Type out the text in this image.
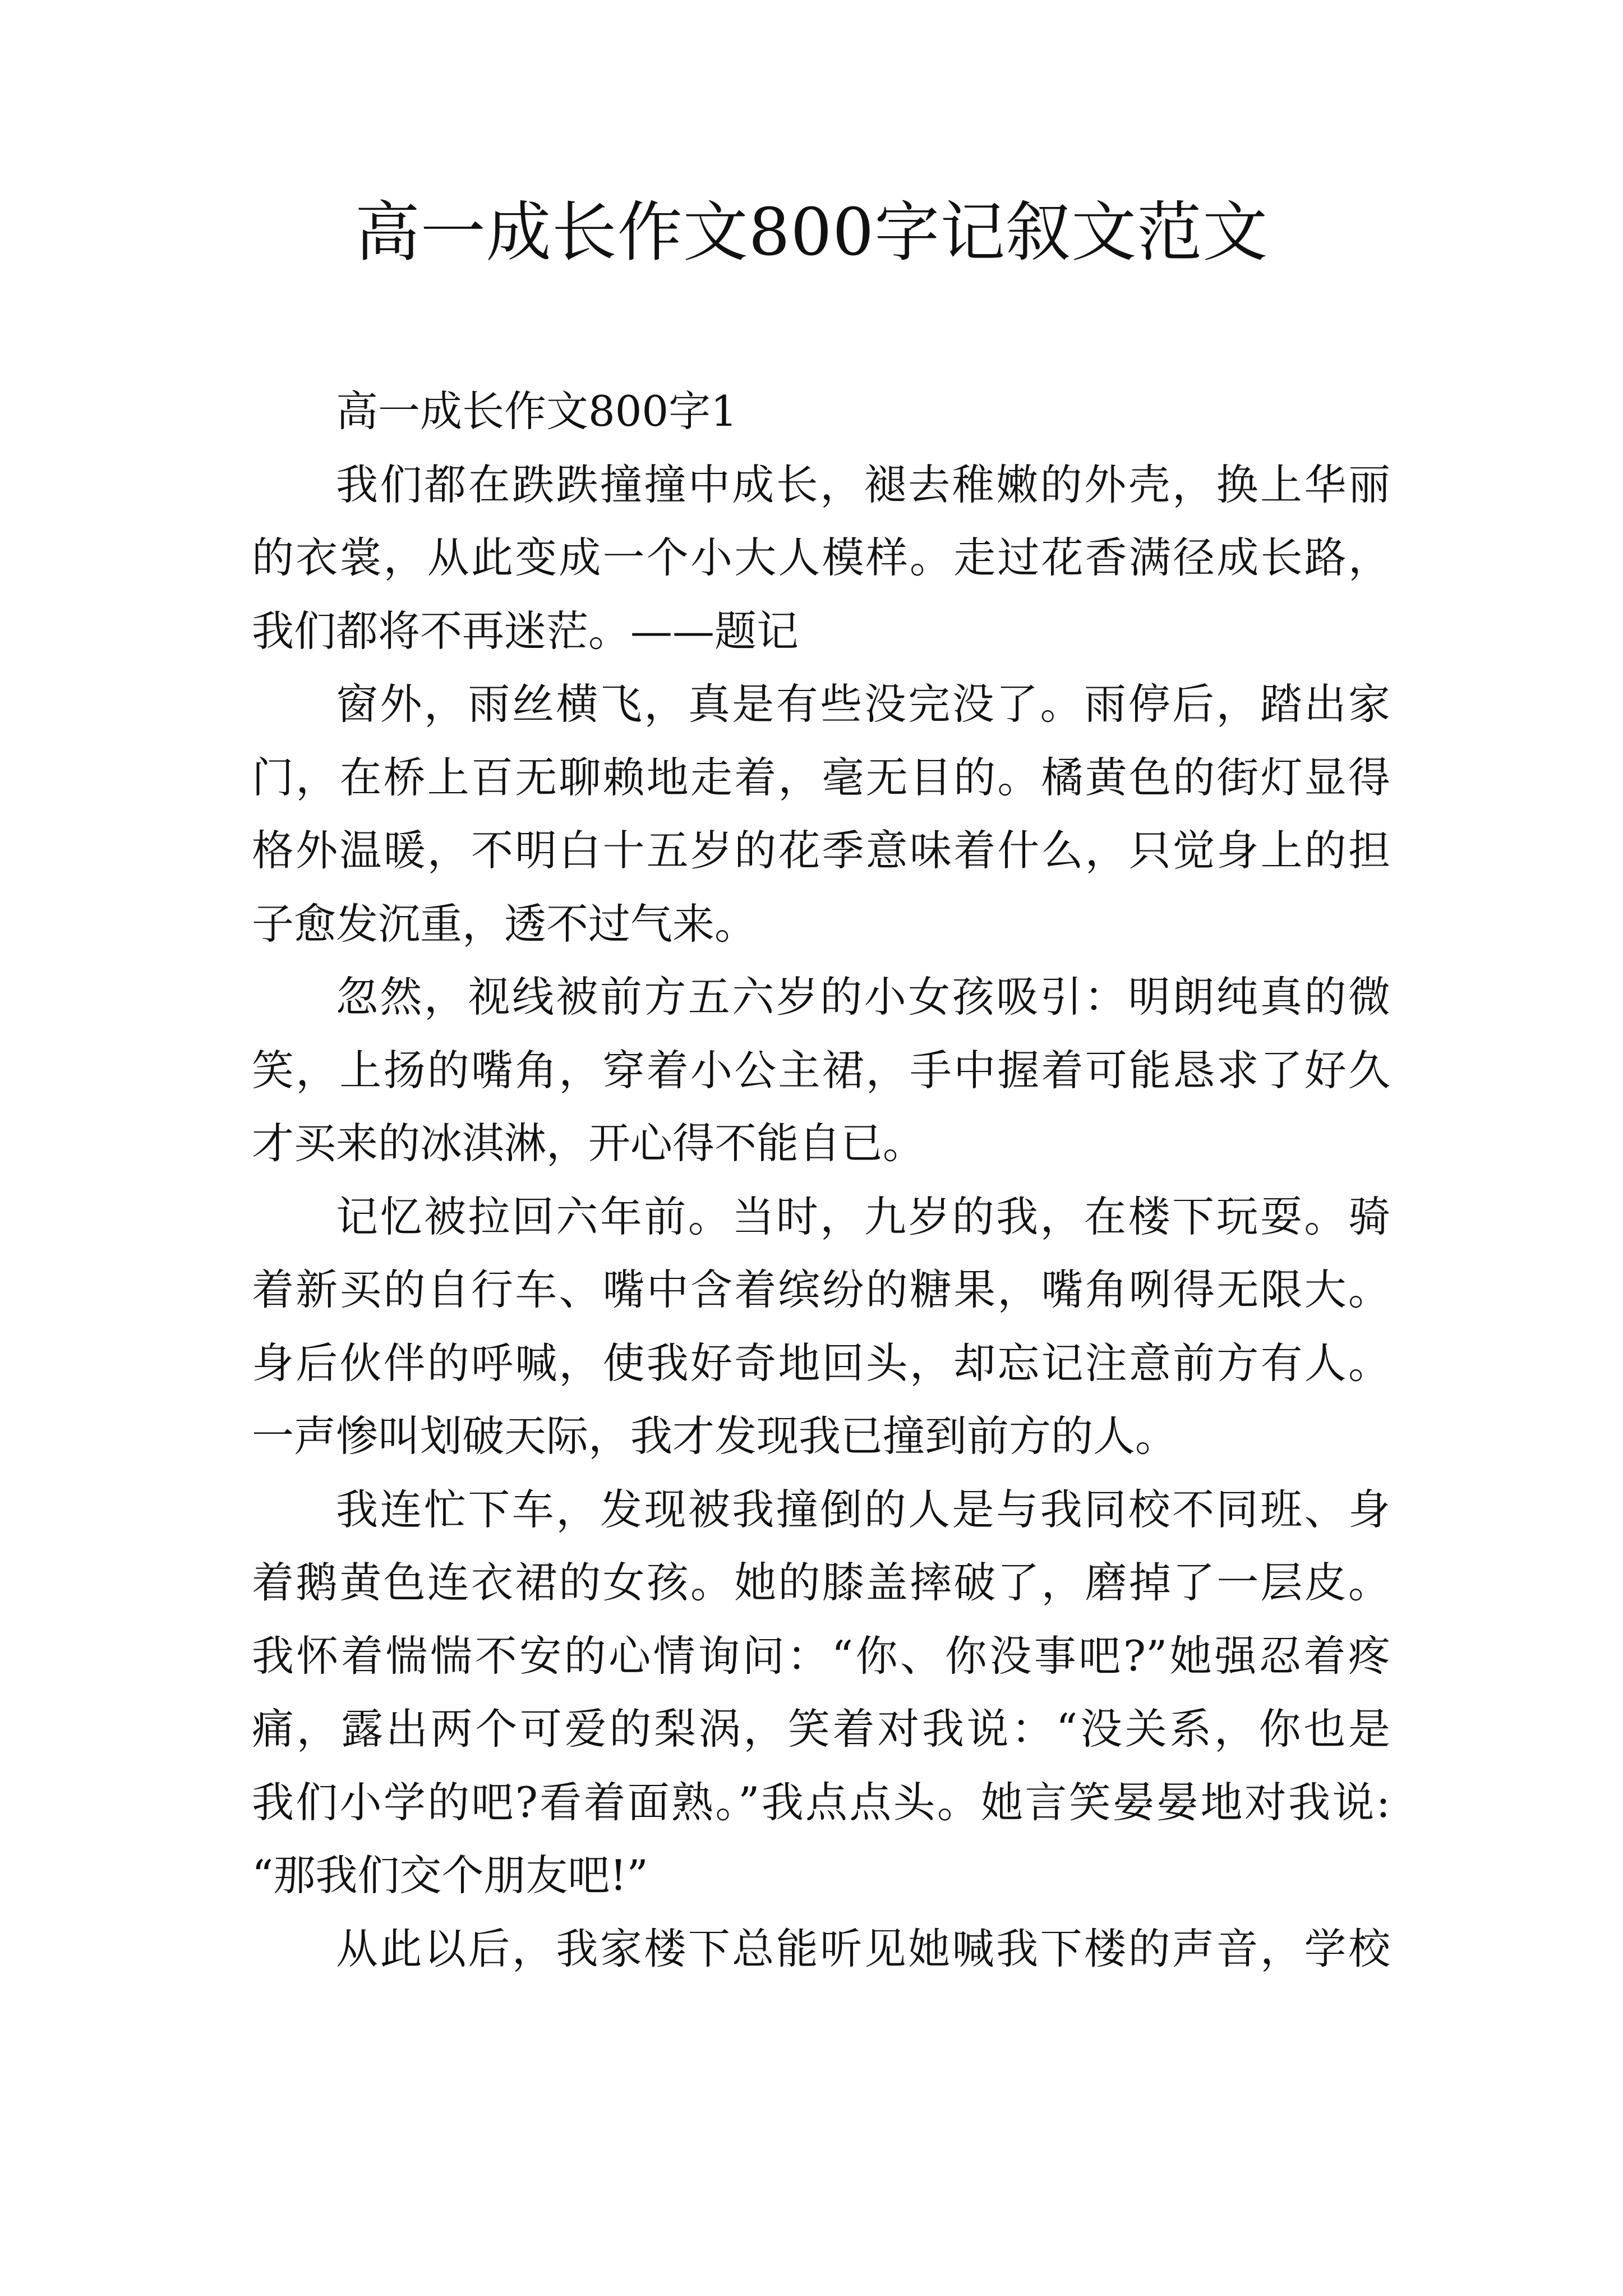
高一成长作文800字记叙文范文
高一成长作文800字1
我们都在跌跌撞撞中成长，褪去稚嫩的外壳，换上华丽
的衣裳，从此变成一个小大人模样。走过花香满径成长路，
我们都将不再迷茫。——题记
窗外，雨丝横飞，真是有些没完没了。雨停后，踏出家
门，在桥上百无聊赖地走着，毫无目的。橘黄色的街灯显得
格外温暖，不明白十五岁的花季意味着什么，只觉身上的担
子愈发沉重，透不过气来。
忽然，视线被前方五六岁的小女孩吸引：明朗纯真的微
笑，上扬的嘴角，穿着小公主裙，手中握着可能恳求了好久
才买来的冰淇淋，开心得不能自已。
记忆被拉回六年前。当时，九岁的我，在楼下玩耍。骑
着新买的自行车、嘴中含着缤纷的糖果，嘴角咧得无限大。
身后伙伴的呼喊，使我好奇地回头，却忘记注意前方有人。
一声惨叫划破天际，我才发现我已撞到前方的人。
我连忙下车，发现被我撞倒的人是与我同校不同班、身
着鹅黄色连衣裙的女孩。她的膝盖摔破了，磨掉了一层皮。
我怀着惴惴不安的心情询问：“你、你没事吧?”她强忍着疼
痛，露出两个可爱的梨涡，笑着对我说：“没关系，你也是
我们小学的吧?看着面熟。”我点点头。她言笑晏晏地对我说:
“那我们交个朋友吧!”
从此以后，我家楼下总能听见她喊我下楼的声音，学校
